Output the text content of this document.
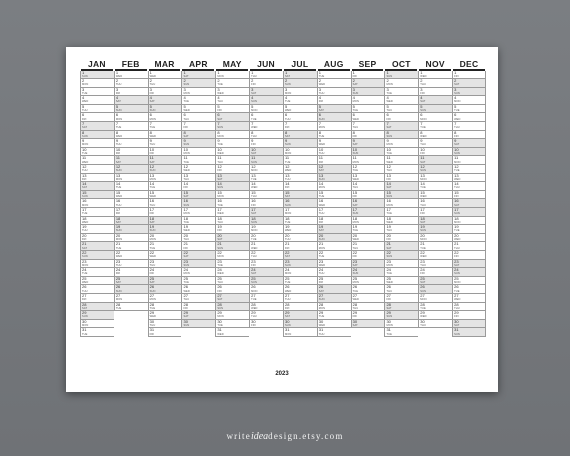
JAN
1
SUN
2
MON
3
TUE
4
WED
5
THU
6
FRI
7
SAT
8
SUN
9
MON
10
TUE
11
WED
12
THU
13
FRI
14
SAT
15
SUN
16
MON
17
TUE
18
WED
19
THU
20
FRI
21
SAT
22
SUN
23
MON
24
TUE
25
WED
26
THU
27
FRI
28
SAT
29
SUN
30
MON
31
TUE
FEB
1
WED
2
THU
3
FRI
4
SAT
5
SUN
6
MON
7
TUE
8
WED
9
THU
10
FRI
11
SAT
12
SUN
13
MON
14
TUE
15
WED
16
THU
17
FRI
18
SAT
19
SUN
20
MON
21
TUE
22
WED
23
THU
24
FRI
25
SAT
26
SUN
27
MON
28
TUE
MAR
1
WED
2
THU
3
FRI
4
SAT
5
SUN
6
MON
7
TUE
8
WED
9
THU
10
FRI
11
SAT
12
SUN
13
MON
14
TUE
15
WED
16
THU
17
FRI
18
SAT
19
SUN
20
MON
21
TUE
22
WED
23
THU
24
FRI
25
SAT
26
SUN
27
MON
28
TUE
29
WED
30
THU
31
FRI
APR
1
SAT
2
SUN
3
MON
4
TUE
5
WED
6
THU
7
FRI
8
SAT
9
SUN
10
MON
11
TUE
12
WED
13
THU
14
FRI
15
SAT
16
SUN
17
MON
18
TUE
19
WED
20
THU
21
FRI
22
SAT
23
SUN
24
MON
25
TUE
26
WED
27
THU
28
FRI
29
SAT
30
SUN
MAY
1
MON
2
TUE
3
WED
4
THU
5
FRI
6
SAT
7
SUN
8
MON
9
TUE
10
WED
11
THU
12
FRI
13
SAT
14
SUN
15
MON
16
TUE
17
WED
18
THU
19
FRI
20
SAT
21
SUN
22
MON
23
TUE
24
WED
25
THU
26
FRI
27
SAT
28
SUN
29
MON
30
TUE
31
WED
JUN
1
THU
2
FRI
3
SAT
4
SUN
5
MON
6
TUE
7
WED
8
THU
9
FRI
10
SAT
11
SUN
12
MON
13
TUE
14
WED
15
THU
16
FRI
17
SAT
18
SUN
19
MON
20
TUE
21
WED
22
THU
23
FRI
24
SAT
25
SUN
26
MON
27
TUE
28
WED
29
THU
30
FRI
JUL
1
SAT
2
SUN
3
MON
4
TUE
5
WED
6
THU
7
FRI
8
SAT
9
SUN
10
MON
11
TUE
12
WED
13
THU
14
FRI
15
SAT
16
SUN
17
MON
18
TUE
19
WED
20
THU
21
FRI
22
SAT
23
SUN
24
MON
25
TUE
26
WED
27
THU
28
FRI
29
SAT
30
SUN
31
MON
AUG
1
TUE
2
WED
3
THU
4
FRI
5
SAT
6
SUN
7
MON
8
TUE
9
WED
10
THU
11
FRI
12
SAT
13
SUN
14
MON
15
TUE
16
WED
17
THU
18
FRI
19
SAT
20
SUN
21
MON
22
TUE
23
WED
24
THU
25
FRI
26
SAT
27
SUN
28
MON
29
TUE
30
WED
31
THU
SEP
1
FRI
2
SAT
3
SUN
4
MON
5
TUE
6
WED
7
THU
8
FRI
9
SAT
10
SUN
11
MON
12
TUE
13
WED
14
THU
15
FRI
16
SAT
17
SUN
18
MON
19
TUE
20
WED
21
THU
22
FRI
23
SAT
24
SUN
25
MON
26
TUE
27
WED
28
THU
29
FRI
30
SAT
OCT
1
SUN
2
MON
3
TUE
4
WED
5
THU
6
FRI
7
SAT
8
SUN
9
MON
10
TUE
11
WED
12
THU
13
FRI
14
SAT
15
SUN
16
MON
17
TUE
18
WED
19
THU
20
FRI
21
SAT
22
SUN
23
MON
24
TUE
25
WED
26
THU
27
FRI
28
SAT
29
SUN
30
MON
31
TUE
NOV
1
WED
2
THU
3
FRI
4
SAT
5
SUN
6
MON
7
TUE
8
WED
9
THU
10
FRI
11
SAT
12
SUN
13
MON
14
TUE
15
WED
16
THU
17
FRI
18
SAT
19
SUN
20
MON
21
TUE
22
WED
23
THU
24
FRI
25
SAT
26
SUN
27
MON
28
TUE
29
WED
30
THU
DEC
1
FRI
2
SAT
3
SUN
4
MON
5
TUE
6
WED
7
THU
8
FRI
9
SAT
10
SUN
11
MON
12
TUE
13
WED
14
THU
15
FRI
16
SAT
17
SUN
18
MON
19
TUE
20
WED
21
THU
22
FRI
23
SAT
24
SUN
25
MON
26
TUE
27
WED
28
THU
29
FRI
30
SAT
31
SUN
2023
writeideadesign.etsy.com
